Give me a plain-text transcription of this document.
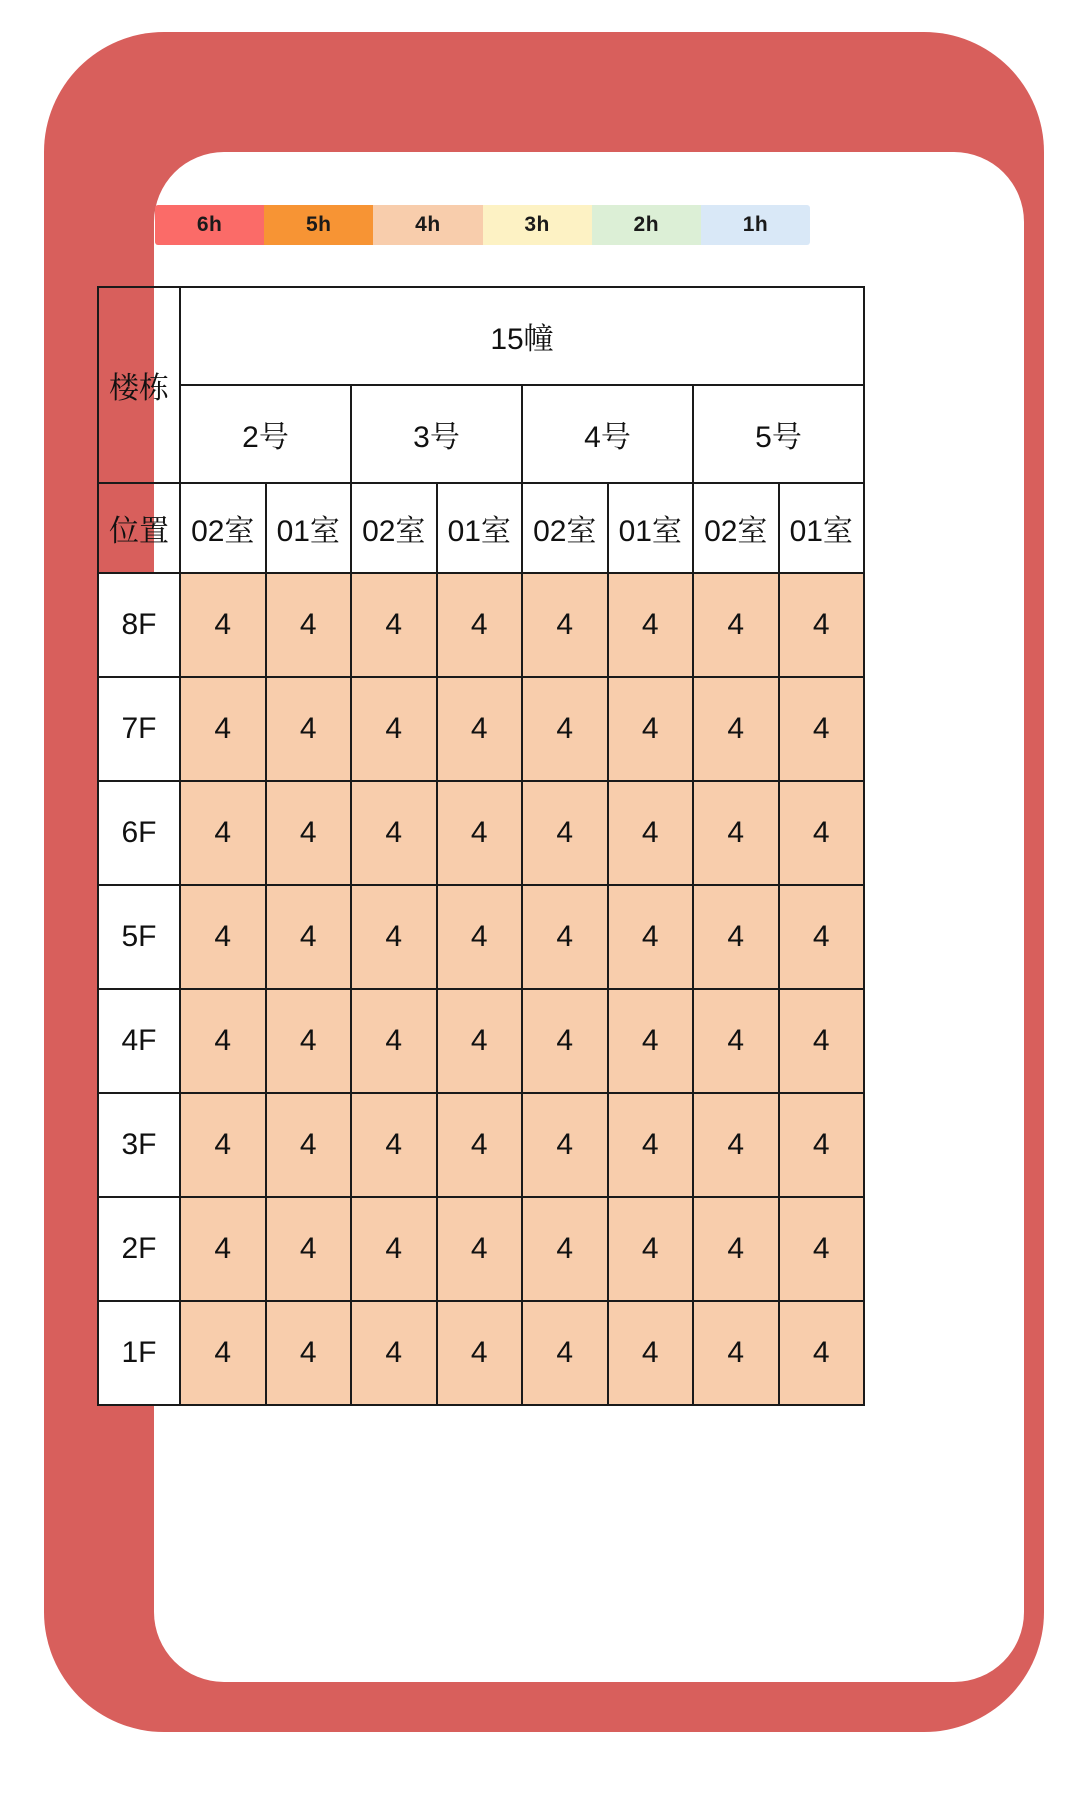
6h	5h	4h	3h	2h	1h
楼栋	15幢							
	2号		3号		4号		5号	
位置	02室	01室	02室	01室	02室	01室	02室	01室
8F	4	4	4	4	4	4	4	4
7F	4	4	4	4	4	4	4	4
6F	4	4	4	4	4	4	4	4
5F	4	4	4	4	4	4	4	4
4F	4	4	4	4	4	4	4	4
3F	4	4	4	4	4	4	4	4
2F	4	4	4	4	4	4	4	4
1F	4	4	4	4	4	4	4	4
